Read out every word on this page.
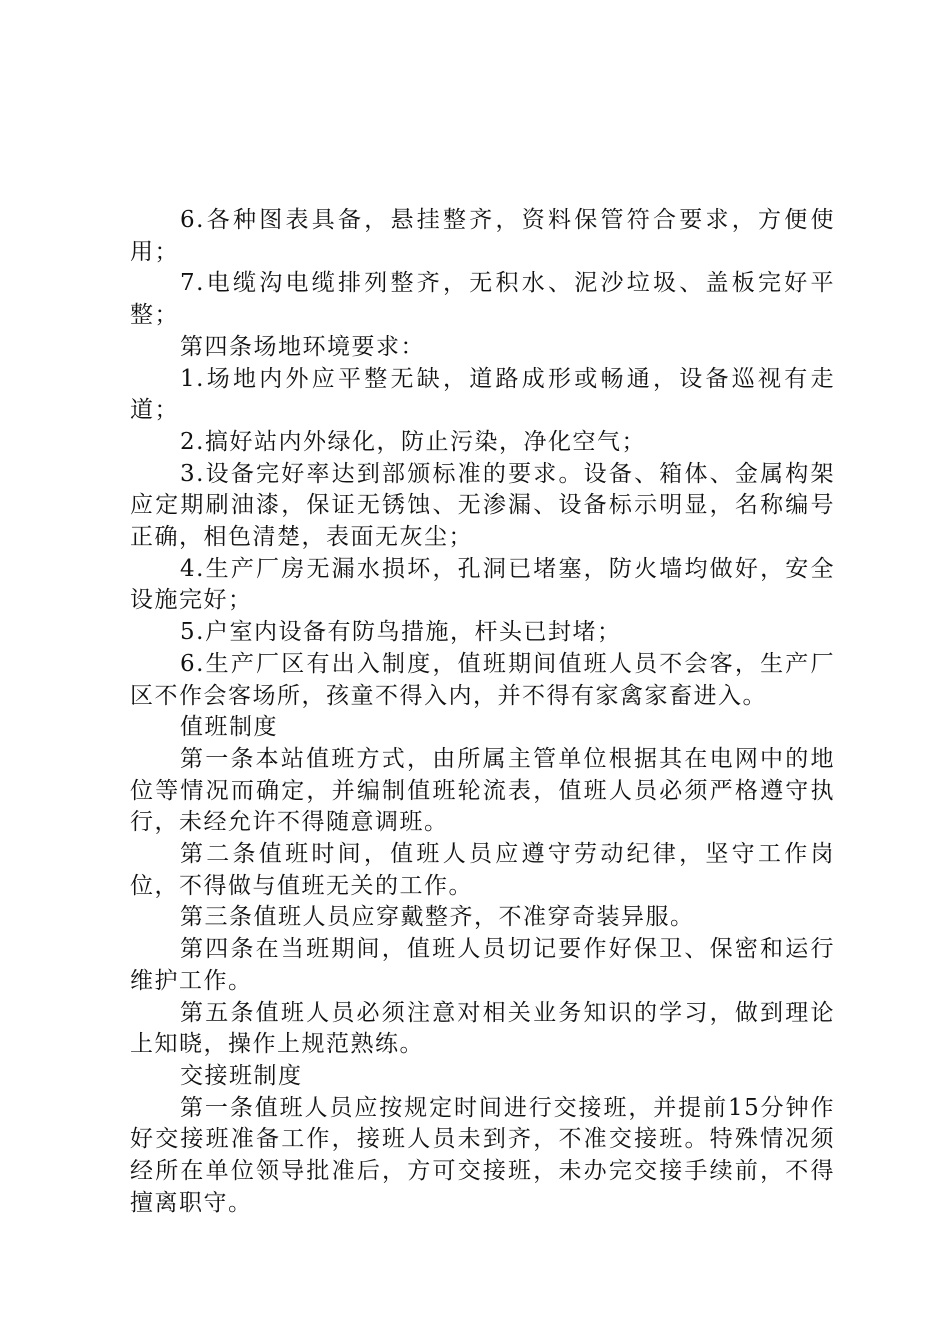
6.各种图表具备，悬挂整齐，资料保管符合要求，方便使用；

7.电缆沟电缆排列整齐，无积水、泥沙垃圾、盖板完好平整；

第四条场地环境要求：

1.场地内外应平整无缺，道路成形或畅通，设备巡视有走道；

2.搞好站内外绿化，防止污染，净化空气；

3.设备完好率达到部颁标准的要求。设备、箱体、金属构架应定期刷油漆，保证无锈蚀、无渗漏、设备标示明显，名称编号正确，相色清楚，表面无灰尘；

4.生产厂房无漏水损坏，孔洞已堵塞，防火墙均做好，安全设施完好；

5.户室内设备有防鸟措施，杆头已封堵；

6.生产厂区有出入制度，值班期间值班人员不会客，生产厂区不作会客场所，孩童不得入内，并不得有家禽家畜进入。

值班制度

第一条本站值班方式，由所属主管单位根据其在电网中的地位等情况而确定，并编制值班轮流表，值班人员必须严格遵守执行，未经允许不得随意调班。

第二条值班时间，值班人员应遵守劳动纪律，坚守工作岗位，不得做与值班无关的工作。

第三条值班人员应穿戴整齐，不准穿奇装异服。

第四条在当班期间，值班人员切记要作好保卫、保密和运行维护工作。

第五条值班人员必须注意对相关业务知识的学习，做到理论上知晓，操作上规范熟练。

交接班制度

第一条值班人员应按规定时间进行交接班，并提前15分钟作好交接班准备工作，接班人员未到齐，不准交接班。特殊情况须经所在单位领导批准后，方可交接班，未办完交接手续前，不得擅离职守。
